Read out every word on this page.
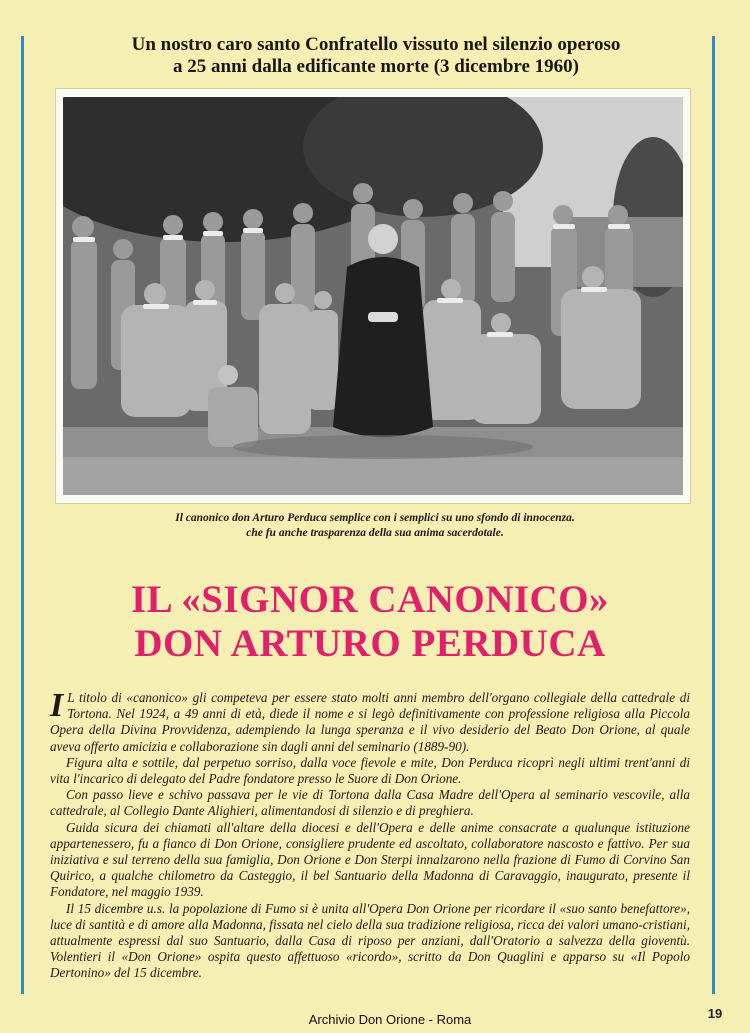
Un nostro caro santo Confratello vissuto nel silenzio operoso
a 25 anni dalla edificante morte (3 dicembre 1960)
Il canonico don Arturo Perduca semplice con i semplici su uno sfondo di innocenza.
che fu anche trasparenza della sua anima sacerdotale.
IL «SIGNOR CANONICO»
DON ARTURO PERDUCA

I L titolo di «canonico» gli competeva per essere stato molti anni membro dell'organo collegiale della cattedrale di Tortona. Nel 1924, a 49 anni di età, diede il nome e si legò definitivamente con professione religiosa alla Piccola Opera della Divina Provvidenza, adempiendo la lunga speranza e il vivo desiderio del Beato Don Orione, al quale aveva offerto amicizia e collaborazione sin dagli anni del seminario (1889-90).

Figura alta e sottile, dal perpetuo sorriso, dalla voce fievole e mite, Don Perduca ricoprì negli ultimi trent'anni di vita l'incarico di delegato del Padre fondatore presso le Suore di Don Orione.

Con passo lieve e schivo passava per le vie di Tortona dalla Casa Madre dell'Opera al seminario vescovile, alla cattedrale, al Collegio Dante Alighieri, alimentandosi di silenzio e di preghiera.

Guida sicura dei chiamati all'altare della diocesi e dell'Opera e delle anime consacrate a qualunque istituzione appartenessero, fu a fianco di Don Orione, consigliere prudente ed ascoltato, collaboratore nascosto e fattivo. Per sua iniziativa e sul terreno della sua famiglia, Don Orione e Don Sterpi innalzarono nella frazione di Fumo di Corvino San Quirico, a qualche chilometro da Casteggio, il bel Santuario della Madonna di Caravaggio, inaugurato, presente il Fondatore, nel maggio 1939.

Il 15 dicembre u.s. la popolazione di Fumo si è unita all'Opera Don Orione per ricordare il «suo santo benefattore», luce di santità e di amore alla Madonna, fissata nel cielo della sua tradizione religiosa, ricca dei valori umano-cristiani, attualmente espressi dal suo Santuario, dalla Casa di riposo per anziani, dall'Oratorio a salvezza della gioventù. Volentieri il «Don Orione» ospita questo affettuoso «ricordo», scritto da Don Quaglini e apparso su «Il Popolo Dertonino» del 15 dicembre.

19
Archivio Don Orione - Roma
